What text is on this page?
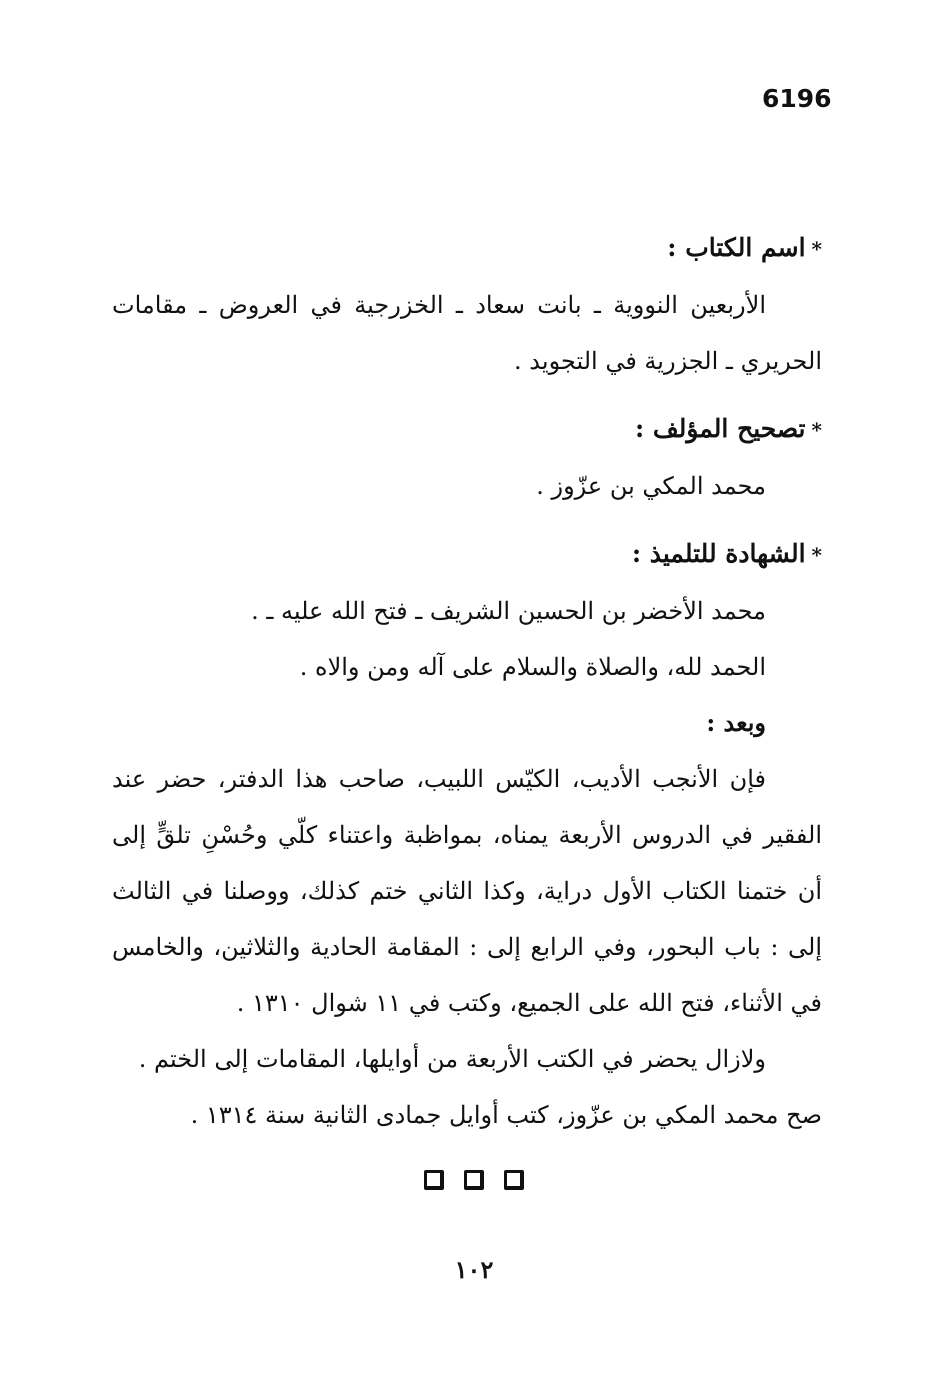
6196

*اسم الكتاب :

الأربعين النووية ـ بانت سعاد ـ الخزرجية في العروض ـ مقامات الحريري ـ الجزرية في التجويد .

*تصحيح المؤلف :

محمد المكي بن عزّوز .

*الشهادة للتلميذ :

محمد الأخضر بن الحسين الشريف ـ فتح الله عليه ـ .

الحمد لله، والصلاة والسلام على آله ومن والاه .

وبعد :

فإن الأنجب الأديب، الكيّس اللبيب، صاحب هذا الدفتر، حضر عند الفقير في الدروس الأربعة يمناه، بمواظبة واعتناء كلّي وحُسْنِ تلقٍّ إلى أن ختمنا الكتاب الأول دراية، وكذا الثاني ختم كذلك، ووصلنا في الثالث إلى : باب البحور، وفي الرابع إلى : المقامة الحادية والثلاثين، والخامس في الأثناء، فتح الله على الجميع، وكتب في ١١ شوال ١٣١٠ .

ولازال يحضر في الكتب الأربعة من أوايلها، المقامات إلى الختم .

صح محمد المكي بن عزّوز، كتب أوايل جمادى الثانية سنة ١٣١٤ .

١٠٢
